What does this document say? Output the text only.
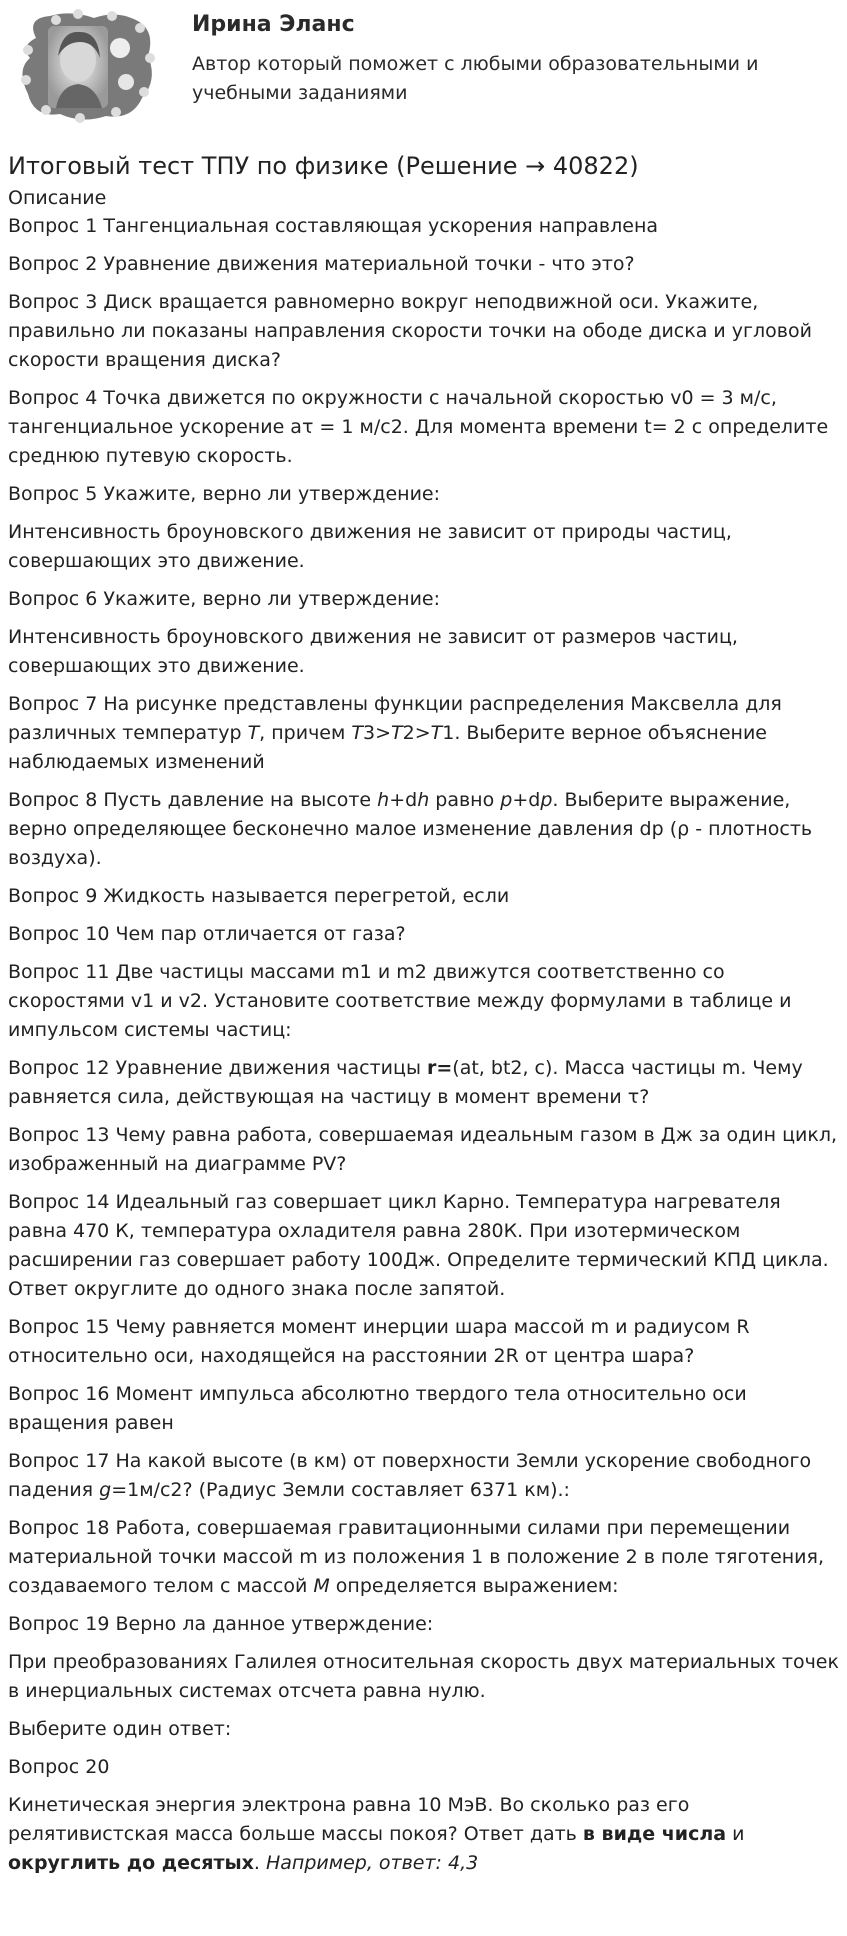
Ирина Эланс
Автор который поможет с любыми образовательными и учебными заданиями
Итоговый тест ТПУ по физике (Решение → 40822)
Описание

Вопрос 1 Тангенциальная составляющая ускорения направлена

Вопрос 2 Уравнение движения материальной точки - что это?

Вопрос 3 Диск вращается равномерно вокруг неподвижной оси. Укажите, правильно ли показаны направления скорости точки на ободе диска и угловой скорости вращения диска?

Вопрос 4 Точка движется по окружности с начальной скоростью v0 = 3 м/с, тангенциальное ускорение aτ = 1 м/с2. Для момента времени t= 2 с определите среднюю путевую скорость.

Вопрос 5 Укажите, верно ли утверждение:

Интенсивность броуновского движения не зависит от природы частиц, совершающих это движение.

Вопрос 6 Укажите, верно ли утверждение:

Интенсивность броуновского движения не зависит от размеров частиц, совершающих это движение.

Вопрос 7 На рисунке представлены функции распределения Максвелла для различных температур T, причем T3>T2>T1. Выберите верное объяснение наблюдаемых изменений

Вопрос 8 Пусть давление на высоте h+dh равно p+dp. Выберите выражение, верно определяющее бесконечно малое изменение давления dp (ρ - плотность воздуха).

Вопрос 9 Жидкость называется перегретой, если

Вопрос 10 Чем пар отличается от газа?

Вопрос 11 Две частицы массами m1 и m2 движутся соответственно со скоростями v1 и v2. Установите соответствие между формулами в таблице и импульсом системы частиц:

Вопрос 12 Уравнение движения частицы r=(at, bt2, c). Масса частицы m. Чему равняется сила, действующая на частицу в момент времени τ?

Вопрос 13 Чему равна работа, совершаемая идеальным газом в Дж за один цикл, изображенный на диаграмме PV?

Вопрос 14 Идеальный газ совершает цикл Карно. Температура нагревателя равна 470 К, температура охладителя равна 280К. При изотермическом расширении газ совершает работу 100Дж. Определите термический КПД цикла. Ответ округлите до одного знака после запятой.

Вопрос 15 Чему равняется момент инерции шара массой m и радиусом R относительно оси, находящейся на расстоянии 2R от центра шара?

Вопрос 16 Момент импульса абсолютно твердого тела относительно оси вращения равен

Вопрос 17 На какой высоте (в км) от поверхности Земли ускорение свободного падения g=1м/с2? (Радиус Земли составляет 6371 км).:

Вопрос 18 Работа, совершаемая гравитационными силами при перемещении материальной точки массой m из положения 1 в положение 2 в поле тяготения, создаваемого телом с массой M определяется выражением:

Вопрос 19 Верно ла данное утверждение:

При преобразованиях Галилея относительная скорость двух материальных точек в инерциальных системах отсчета равна нулю.

Выберите один ответ:

Вопрос 20

Кинетическая энергия электрона равна 10 МэВ. Во сколько раз его релятивистская масса больше массы покоя? Ответ дать в виде числа и округлить до десятых. Например, ответ: 4,3
